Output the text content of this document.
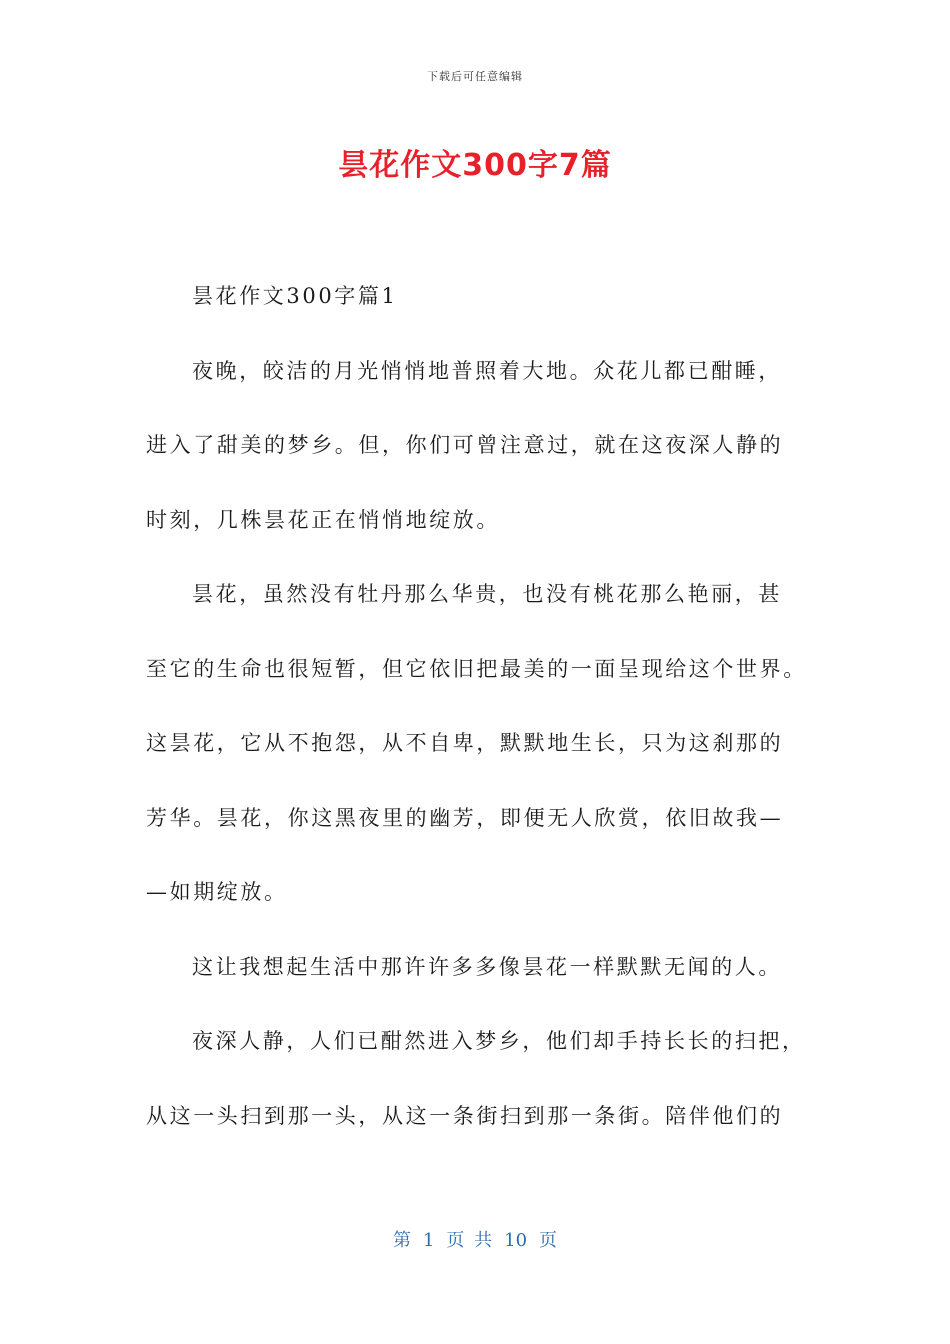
下载后可任意编辑
昙花作文300字7篇
昙花作文300字篇1
夜晚，皎洁的月光悄悄地普照着大地。众花儿都已酣睡，
进入了甜美的梦乡。但，你们可曾注意过，就在这夜深人静的
时刻，几株昙花正在悄悄地绽放。
昙花，虽然没有牡丹那么华贵，也没有桃花那么艳丽，甚
至它的生命也很短暂，但它依旧把最美的一面呈现给这个世界。
这昙花，它从不抱怨，从不自卑，默默地生长，只为这刹那的
芳华。昙花，你这黑夜里的幽芳，即便无人欣赏，依旧故我—
—如期绽放。
这让我想起生活中那许许多多像昙花一样默默无闻的人。
夜深人静，人们已酣然进入梦乡，他们却手持长长的扫把，
从这一头扫到那一头，从这一条街扫到那一条街。陪伴他们的
第 1 页 共 10 页
